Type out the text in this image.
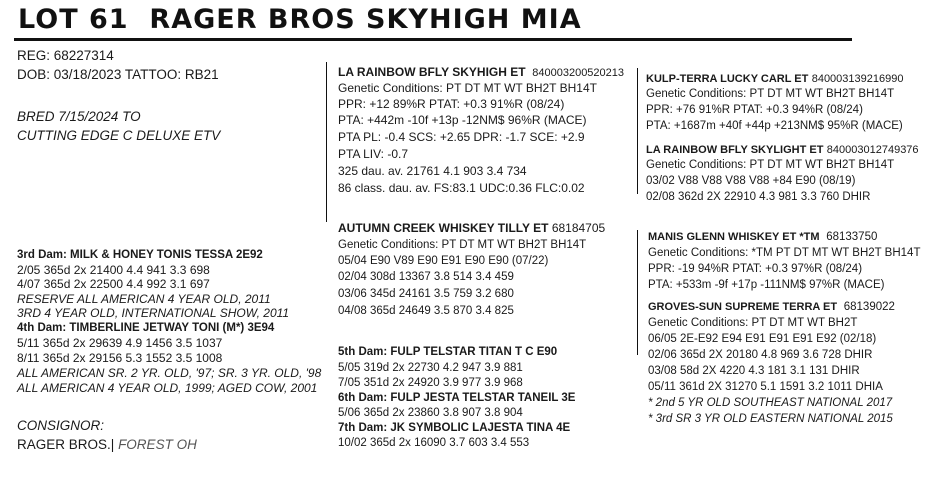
LOT 61 RAGER BROS SKYHIGH MIA
REG: 68227314
DOB: 03/18/2023 TATTOO: RB21
BRED 7/15/2024 TO
CUTTING EDGE C DELUXE ETV
3rd Dam: MILK & HONEY TONIS TESSA 2E92
2/05 365d 2x 21400 4.4 941 3.3 698
4/07 365d 2x 22500 4.4 992 3.1 697
RESERVE ALL AMERICAN 4 YEAR OLD, 2011
3RD 4 YEAR OLD, INTERNATIONAL SHOW, 2011
4th Dam: TIMBERLINE JETWAY TONI (M*) 3E94
5/11 365d 2x 29639 4.9 1456 3.5 1037
8/11 365d 2x 29156 5.3 1552 3.5 1008
ALL AMERICAN SR. 2 YR. OLD, '97; SR. 3 YR. OLD, '98
ALL AMERICAN 4 YEAR OLD, 1999; AGED COW, 2001
CONSIGNOR:
RAGER BROS.| FOREST OH
LA RAINBOW BFLY SKYHIGH ET 840003200520213
Genetic Conditions: PT DT MT WT BH2T BH14T
PPR: +12 89%R PTAT: +0.3 91%R (08/24)
PTA: +442m -10f +13p -12NM$ 96%R (MACE)
PTA PL: -0.4 SCS: +2.65 DPR: -1.7 SCE: +2.9
PTA LIV: -0.7
325 dau. av. 21761 4.1 903 3.4 734
86 class. dau. av. FS:83.1 UDC:0.36 FLC:0.02
AUTUMN CREEK WHISKEY TILLY ET 68184705
Genetic Conditions: PT DT MT WT BH2T BH14T
05/04 E90 V89 E90 E91 E90 E90 (07/22)
02/04 308d 13367 3.8 514 3.4 459
03/06 345d 24161 3.5 759 3.2 680
04/08 365d 24649 3.5 870 3.4 825
5th Dam: FULP TELSTAR TITAN T C E90
5/05 319d 2x 22730 4.2 947 3.9 881
7/05 351d 2x 24920 3.9 977 3.9 968
6th Dam: FULP JESTA TELSTAR TANEIL 3E
5/06 365d 2x 23860 3.8 907 3.8 904
7th Dam: JK SYMBOLIC LAJESTA TINA 4E
10/02 365d 2x 16090 3.7 603 3.4 553
KULP-TERRA LUCKY CARL ET 840003139216990
Genetic Conditions: PT DT MT WT BH2T BH14T
PPR: +76 91%R PTAT: +0.3 94%R (08/24)
PTA: +1687m +40f +44p +213NM$ 95%R (MACE)
LA RAINBOW BFLY SKYLIGHT ET 840003012749376
Genetic Conditions: PT DT MT WT BH2T BH14T
03/02 V88 V88 V88 V88 +84 E90 (08/19)
02/08 362d 2X 22910 4.3 981 3.3 760 DHIR
MANIS GLENN WHISKEY ET *TM 68133750
Genetic Conditions: *TM PT DT MT WT BH2T BH14T
PPR: -19 94%R PTAT: +0.3 97%R (08/24)
PTA: +533m -9f +17p -111NM$ 97%R (MACE)
GROVES-SUN SUPREME TERRA ET 68139022
Genetic Conditions: PT DT MT WT BH2T
06/05 2E-E92 E94 E91 E91 E91 E92 (02/18)
02/06 365d 2X 20180 4.8 969 3.6 728 DHIR
03/08 58d 2X 4220 4.3 181 3.1 131 DHIR
05/11 361d 2X 31270 5.1 1591 3.2 1011 DHIA
* 2nd 5 YR OLD SOUTHEAST NATIONAL 2017
* 3rd SR 3 YR OLD EASTERN NATIONAL 2015
